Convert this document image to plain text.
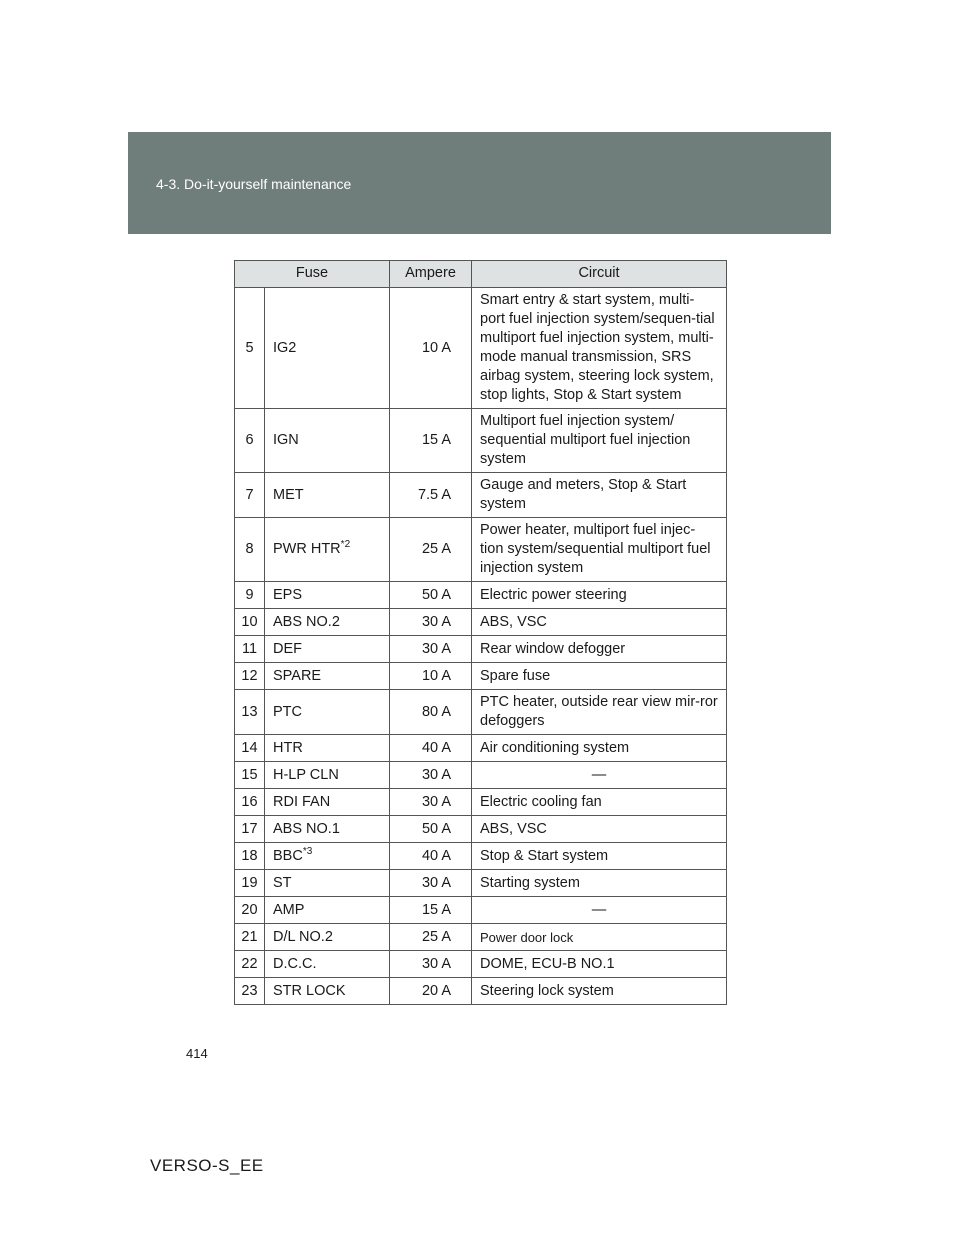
4-3. Do-it-yourself maintenance
Fuse		Ampere	Circuit
5	IG2	10 A	Smart entry & start system, multi-port fuel injection system/sequen-tial multiport fuel injection system, multi-mode manual transmission, SRS airbag system, steering lock system, stop lights, Stop & Start system
6	IGN	15 A	Multiport fuel injection system/ sequential multiport fuel injection system
7	MET	7.5 A	Gauge and meters, Stop & Start system
8	PWR HTR$^{*2}$	25 A	Power heater, multiport fuel injec-tion system/sequential multiport fuel injection system
9	EPS	50 A	Electric power steering
10	ABS NO.2	30 A	ABS, VSC
11	DEF	30 A	Rear window defogger
12	SPARE	10 A	Spare fuse
13	PTC	80 A	PTC heater, outside rear view mir-ror defoggers
14	HTR	40 A	Air conditioning system
15	H-LP CLN	30 A	—
16	RDI FAN	30 A	Electric cooling fan
17	ABS NO.1	50 A	ABS, VSC
18	BBC$^{*3}$	40 A	Stop & Start system
19	ST	30 A	Starting system
20	AMP	15 A	—
21	D/L NO.2	25 A	Power door lock
22	D.C.C.	30 A	DOME, ECU-B NO.1
23	STR LOCK	20 A	Steering lock system
414
VERSO-S_EE
